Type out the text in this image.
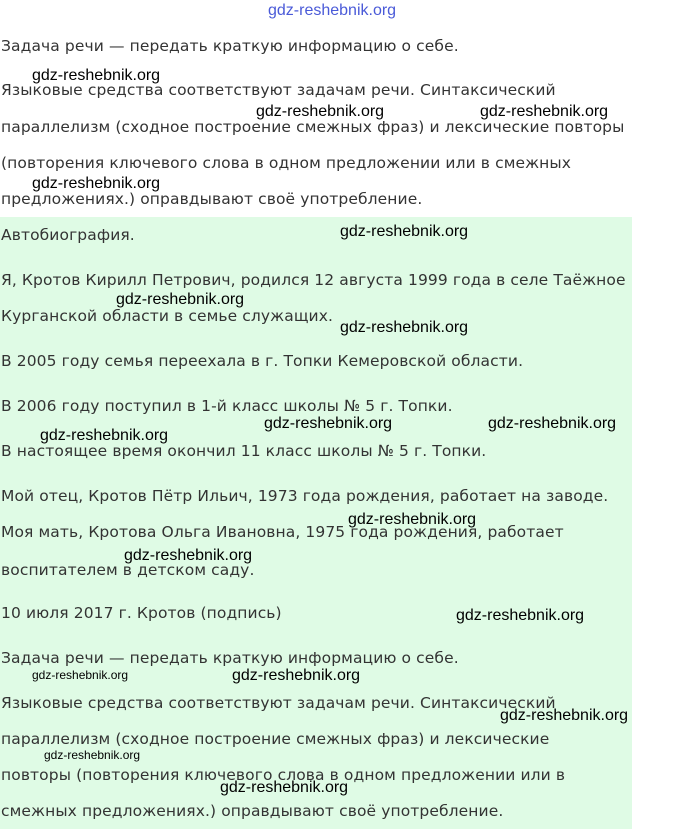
gdz-reshebnik.org

Задача речи — передать краткую информацию о себе.

Языковые средства соответствуют задачам речи. Синтаксический

параллелизм (сходное построение смежных фраз) и лексические повторы

(повторения ключевого слова в одном предложении или в смежных

предложениях.) оправдывают своё употребление.

Автобиография.

Я, Кротов Кирилл Петрович, родился 12 августа 1999 года в селе Таёжное

Курганской области в семье служащих.

В 2005 году семья переехала в г. Топки Кемеровской области.

В 2006 году поступил в 1-й класс школы № 5 г. Топки.

В настоящее время окончил 11 класс школы № 5 г. Топки.

Мой отец, Кротов Пётр Ильич, 1973 года рождения, работает на заводе.

Моя мать, Кротова Ольга Ивановна, 1975 года рождения, работает

воспитателем в детском саду.

10 июля 2017 г. Кротов (подпись)

Задача речи — передать краткую информацию о себе.

Языковые средства соответствуют задачам речи. Синтаксический

параллелизм (сходное построение смежных фраз) и лексические

повторы (повторения ключевого слова в одном предложении или в

смежных предложениях.) оправдывают своё употребление.

gdz-reshebnik.org
gdz-reshebnik.org	gdz-reshebnik.org
gdz-reshebnik.org
gdz-reshebnik.org
gdz-reshebnik.org
gdz-reshebnik.org
gdz-reshebnik.org	gdz-reshebnik.org
gdz-reshebnik.org
gdz-reshebnik.org
gdz-reshebnik.org
gdz-reshebnik.org
gdz-reshebnik.org	gdz-reshebnik.org
gdz-reshebnik.org
gdz-reshebnik.org
gdz-reshebnik.org
